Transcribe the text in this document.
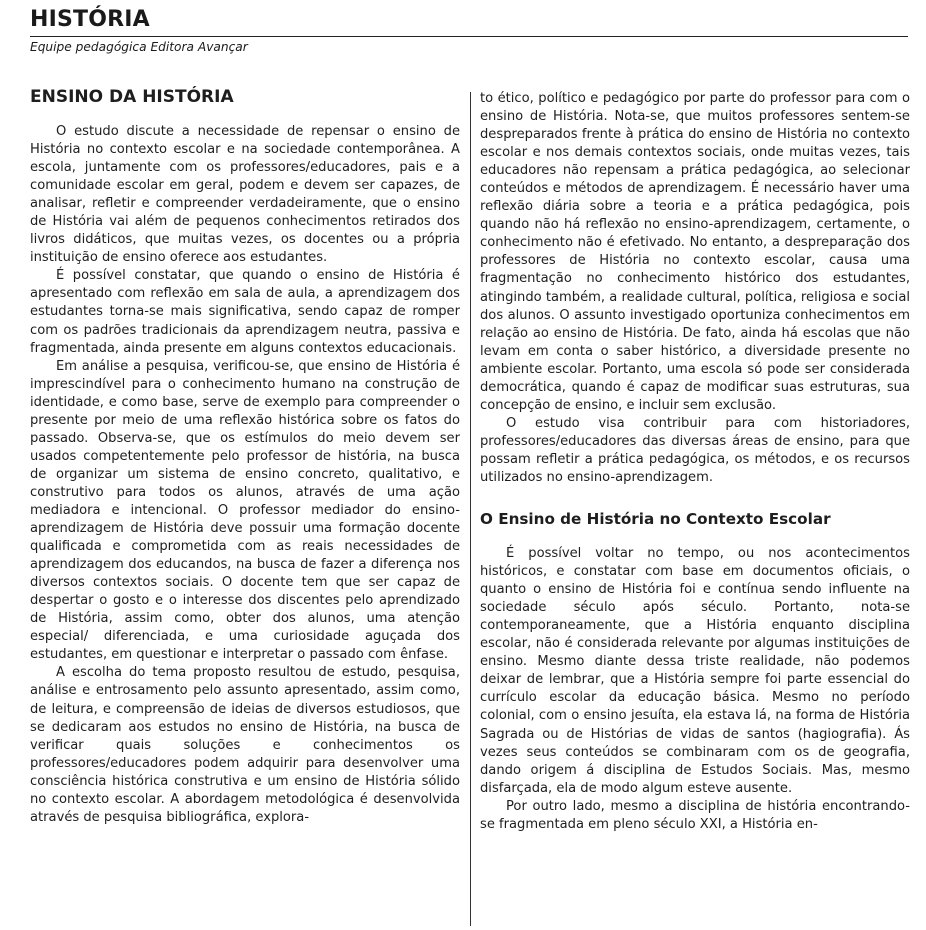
HISTÓRIA
Equipe pedagógica Editora Avançar
ENSINO DA HISTÓRIA

O estudo discute a necessidade de repensar o ensino de História no contexto escolar e na sociedade contemporânea. A escola, juntamente com os professores/educadores, pais e a comunidade escolar em geral, podem e devem ser capazes, de analisar, refletir e compreender verdadeiramente, que o ensino de História vai além de pequenos conhecimentos retirados dos livros didáticos, que muitas vezes, os docentes ou a própria instituição de ensino oferece aos estudantes.

É possível constatar, que quando o ensino de História é apresentado com reflexão em sala de aula, a aprendizagem dos estudantes torna-se mais significativa, sendo capaz de romper com os padrões tradicionais da aprendizagem neutra, passiva e fragmentada, ainda presente em alguns contextos educacionais.

Em análise a pesquisa, verificou-se, que ensino de História é imprescindível para o conhecimento humano na construção de identidade, e como base, serve de exemplo para compreender o presente por meio de uma reflexão histórica sobre os fatos do passado. Observa-se, que os estímulos do meio devem ser usados competentemente pelo professor de história, na busca de organizar um sistema de ensino concreto, qualitativo, e construtivo para todos os alunos, através de uma ação mediadora e intencional. O professor mediador do ensino-aprendizagem de História deve possuir uma formação docente qualificada e comprometida com as reais necessidades de aprendizagem dos educandos, na busca de fazer a diferença nos diversos contextos sociais. O docente tem que ser capaz de despertar o gosto e o interesse dos discentes pelo aprendizado de História, assim como, obter dos alunos, uma atenção especial/ diferenciada, e uma curiosidade aguçada dos estudantes, em questionar e interpretar o passado com ênfase.

A escolha do tema proposto resultou de estudo, pesquisa, análise e entrosamento pelo assunto apresentado, assim como, de leitura, e compreensão de ideias de diversos estudiosos, que se dedicaram aos estudos no ensino de História, na busca de verificar quais soluções e conhecimentos os professores/educadores podem adquirir para desenvolver uma consciência histórica construtiva e um ensino de História sólido no contexto escolar. A abordagem metodológica é desenvolvida através de pesquisa bibliográfica, explora-

to ético, político e pedagógico por parte do professor para com o ensino de História. Nota-se, que muitos professores sentem-se despreparados frente à prática do ensino de História no contexto escolar e nos demais contextos sociais, onde muitas vezes, tais educadores não repensam a prática pedagógica, ao selecionar conteúdos e métodos de aprendizagem. É necessário haver uma reflexão diária sobre a teoria e a prática pedagógica, pois quando não há reflexão no ensino-aprendizagem, certamente, o conhecimento não é efetivado. No entanto, a despreparação dos professores de História no contexto escolar, causa uma fragmentação no conhecimento histórico dos estudantes, atingindo também, a realidade cultural, política, religiosa e social dos alunos. O assunto investigado oportuniza conhecimentos em relação ao ensino de História. De fato, ainda há escolas que não levam em conta o saber histórico, a diversidade presente no ambiente escolar. Portanto, uma escola só pode ser considerada democrática, quando é capaz de modificar suas estruturas, sua concepção de ensino, e incluir sem exclusão.

O estudo visa contribuir para com historiadores, professores/educadores das diversas áreas de ensino, para que possam refletir a prática pedagógica, os métodos, e os recursos utilizados no ensino-aprendizagem.

O Ensino de História no Contexto Escolar

É possível voltar no tempo, ou nos acontecimentos históricos, e constatar com base em documentos oficiais, o quanto o ensino de História foi e contínua sendo influente na sociedade século após século. Portanto, nota-se contemporaneamente, que a História enquanto disciplina escolar, não é considerada relevante por algumas instituições de ensino. Mesmo diante dessa triste realidade, não podemos deixar de lembrar, que a História sempre foi parte essencial do currículo escolar da educação básica. Mesmo no período colonial, com o ensino jesuíta, ela estava lá, na forma de História Sagrada ou de Histórias de vidas de santos (hagiografia). Ás vezes seus conteúdos se combinaram com os de geografia, dando origem á disciplina de Estudos Sociais. Mas, mesmo disfarçada, ela de modo algum esteve ausente.

Por outro lado, mesmo a disciplina de história encontrando-se fragmentada em pleno século XXI, a História en-
